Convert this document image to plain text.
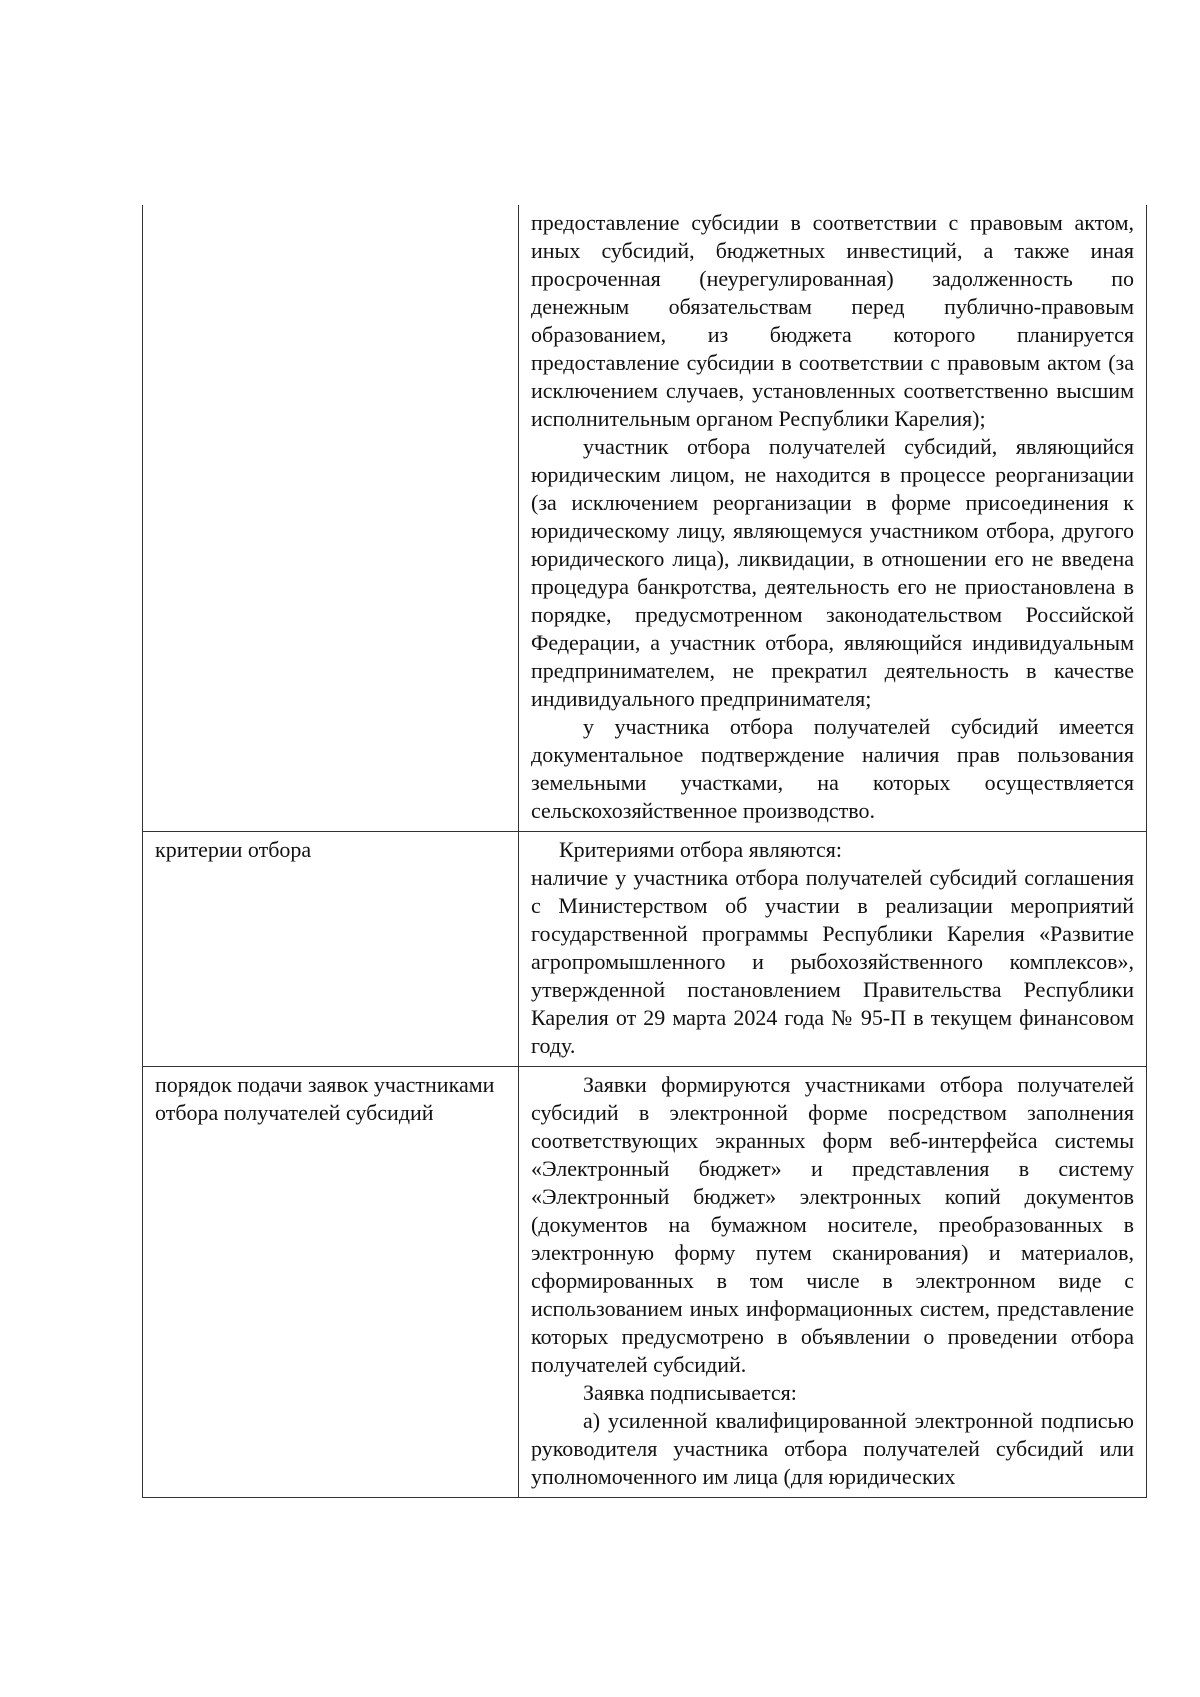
	предоставление субсидии в соответствии с правовым актом, иных субсидий, бюджетных инвестиций, а также иная просроченная (неурегулированная) задолженность по денежным обязательствам перед публично-правовым образованием, из бюджета которого планируется предоставление субсидии в соответствии с правовым актом (за исключением случаев, установленных соответственно высшим исполнительным органом Республики Карелия);

участник отбора получателей субсидий, являющийся юридическим лицом, не находится в процессе реорганизации (за исключением реорганизации в форме присоединения к юридическому лицу, являющемуся участником отбора, другого юридического лица), ликвидации, в отношении его не введена процедура банкротства, деятельность его не приостановлена в порядке, предусмотренном законодательством Российской Федерации, а участник отбора, являющийся индивидуальным предпринимателем, не прекратил деятельность в качестве индивидуального предпринимателя;

у участника отбора получателей субсидий имеется документальное подтверждение наличия прав пользования земельными участками, на которых осуществляется сельскохозяйственное производство.

критерии отбора	Критериями отбора являются:

наличие у участника отбора получателей субсидий соглашения с Министерством об участии в реализации мероприятий государственной программы Республики Карелия «Развитие агропромышленного и рыбохозяйственного комплексов», утвержденной постановлением Правительства Республики Карелия от 29 марта 2024 года № 95-П в текущем финансовом году.

порядок подачи заявок участниками отбора получателей субсидий	Заявки формируются участниками отбора получателей субсидий в электронной форме посредством заполнения соответствующих экранных форм веб-интерфейса системы «Электронный бюджет» и представления в систему «Электронный бюджет» электронных копий документов (документов на бумажном носителе, преобразованных в электронную форму путем сканирования) и материалов, сформированных в том числе в электронном виде с использованием иных информационных систем, представление которых предусмотрено в объявлении о проведении отбора получателей субсидий.

Заявка подписывается:

а) усиленной квалифицированной электронной подписью руководителя участника отбора получателей субсидий или уполномоченного им лица (для юридических
